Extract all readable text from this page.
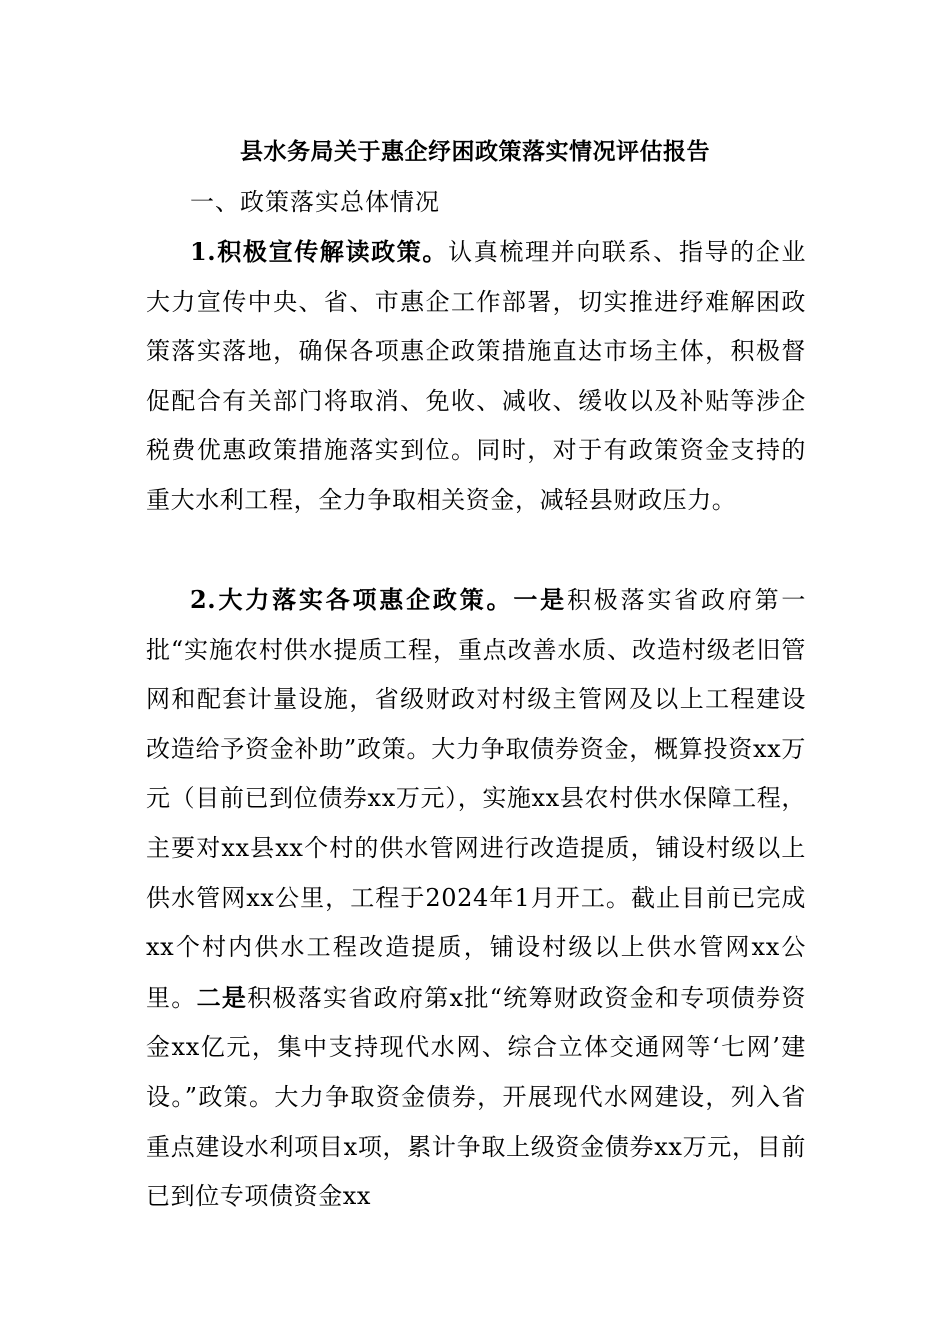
县水务局关于惠企纾困政策落实情况评估报告
一、政策落实总体情况

1.积极宣传解读政策。认真梳理并向联系、指导的企业大力宣传中央、省、市惠企工作部署，切实推进纾难解困政策落实落地，确保各项惠企政策措施直达市场主体，积极督促配合有关部门将取消、免收、减收、缓收以及补贴等涉企税费优惠政策措施落实到位。同时，对于有政策资金支持的重大水利工程，全力争取相关资金，减轻县财政压力。

2.大力落实各项惠企政策。一是积极落实省政府第一批“实施农村供水提质工程，重点改善水质、改造村级老旧管网和配套计量设施，省级财政对村级主管网及以上工程建设改造给予资金补助”政策。大力争取债券资金，概算投资xx万元（目前已到位债券xx万元），实施xx县农村供水保障工程，主要对xx县xx个村的供水管网进行改造提质，铺设村级以上供水管网xx公里，工程于2024年1月开工。截止目前已完成xx个村内供水工程改造提质，铺设村级以上供水管网xx公里。二是积极落实省政府第x批“统筹财政资金和专项债券资金xx亿元，集中支持现代水网、综合立体交通网等‘七网’建设。”政策。大力争取资金债券，开展现代水网建设，列入省重点建设水利项目x项，累计争取上级资金债券xx万元，目前已到位专项债资金xx
